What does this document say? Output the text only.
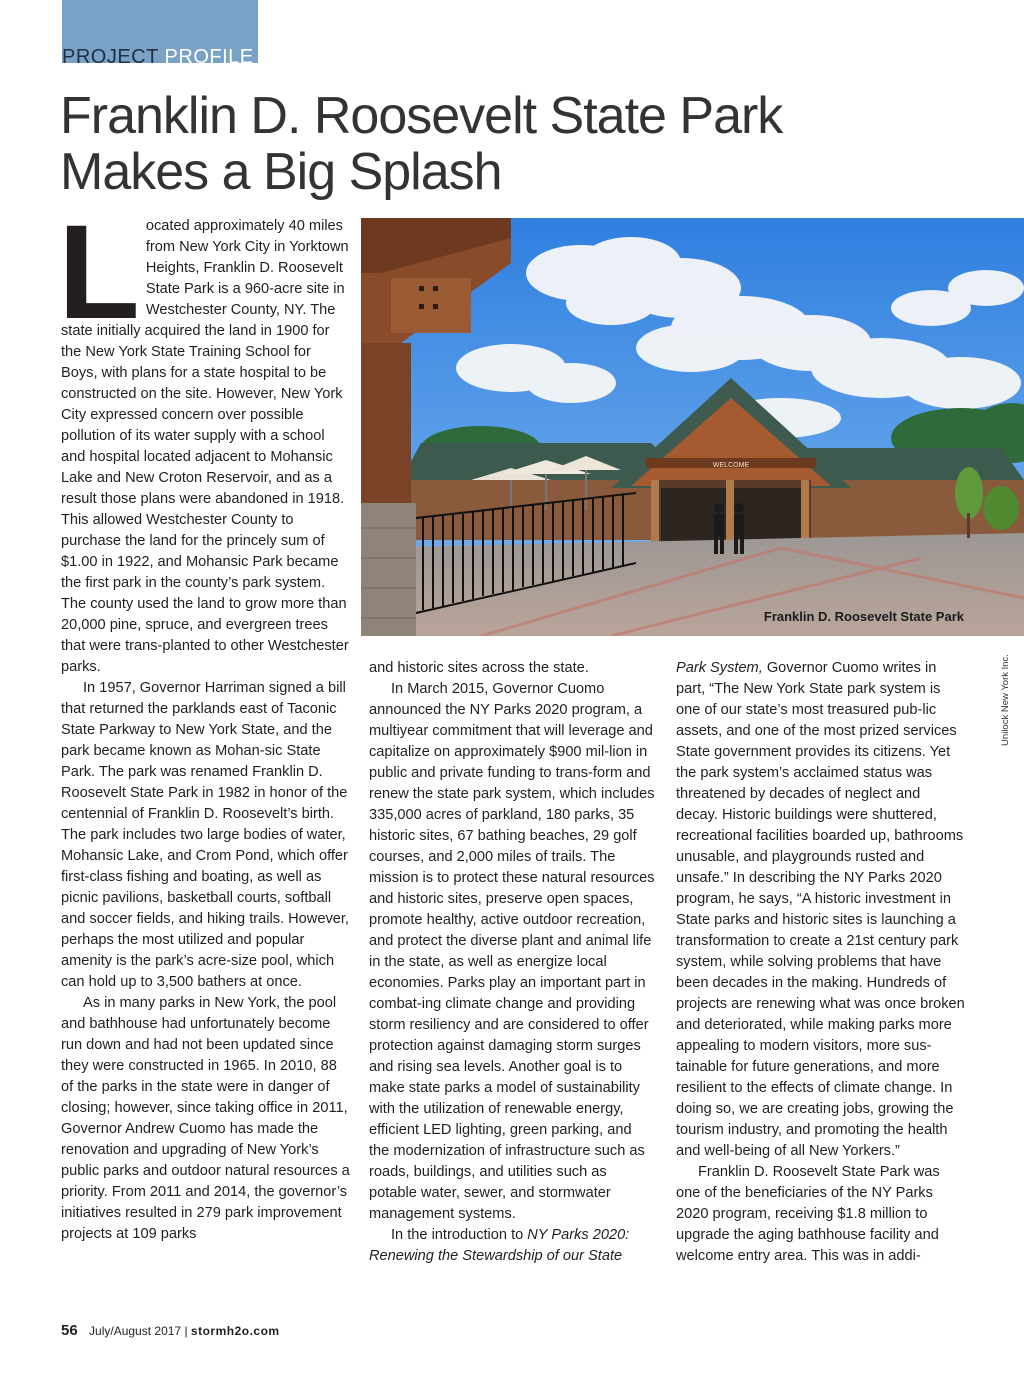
PROJECT PROFILE
Franklin D. Roosevelt State Park
Makes a Big Splash
WELCOME
Franklin D. Roosevelt State Park
Unilock New York Inc.

Located approximately 40 miles from New York City in Yorktown Heights, Franklin D. Roosevelt State Park is a 960-acre site in Westchester County, NY. The state initially acquired the land in 1900 for the New York State Training School for Boys, with plans for a state hospital to be constructed on the site. However, New York City expressed concern over possible pollution of its water supply with a school and hospital located adjacent to Mohansic Lake and New Croton Reservoir, and as a result those plans were abandoned in 1918. This allowed Westchester County to purchase the land for the princely sum of $1.00 in 1922, and Mohansic Park became the first park in the county’s park system. The county used the land to grow more than 20,000 pine, spruce, and evergreen trees that were trans-planted to other Westchester parks.

In 1957, Governor Harriman signed a bill that returned the parklands east of Taconic State Parkway to New York State, and the park became known as Mohan-sic State Park. The park was renamed Franklin D. Roosevelt State Park in 1982 in honor of the centennial of Franklin D. Roosevelt’s birth. The park includes two large bodies of water, Mohansic Lake, and Crom Pond, which offer first-class fishing and boating, as well as picnic pavilions, basketball courts, softball and soccer fields, and hiking trails. However, perhaps the most utilized and popular amenity is the park’s acre-size pool, which can hold up to 3,500 bathers at once.

As in many parks in New York, the pool and bathhouse had unfortunately become run down and had not been updated since they were constructed in 1965. In 2010, 88 of the parks in the state were in danger of closing; however, since taking office in 2011, Governor Andrew Cuomo has made the renovation and upgrading of New York’s public parks and outdoor natural resources a priority. From 2011 and 2014, the governor’s initiatives resulted in 279 park improvement projects at 109 parks

and historic sites across the state.

In March 2015, Governor Cuomo announced the NY Parks 2020 program, a multiyear commitment that will leverage and capitalize on approximately $900 mil-lion in public and private funding to trans-form and renew the state park system, which includes 335,000 acres of parkland, 180 parks, 35 historic sites, 67 bathing beaches, 29 golf courses, and 2,000 miles of trails. The mission is to protect these natural resources and historic sites, preserve open spaces, promote healthy, active outdoor recreation, and protect the diverse plant and animal life in the state, as well as energize local economies. Parks play an important part in combat-ing climate change and providing storm resiliency and are considered to offer protection against damaging storm surges and rising sea levels. Another goal is to make state parks a model of sustainability with the utilization of renewable energy, efficient LED lighting, green parking, and the modernization of infrastructure such as roads, buildings, and utilities such as potable water, sewer, and stormwater management systems.

In the introduction to NY Parks 2020: Renewing the Stewardship of our State

Park System, Governor Cuomo writes in part, “The New York State park system is one of our state’s most treasured pub-lic assets, and one of the most prized services State government provides its citizens. Yet the park system’s acclaimed status was threatened by decades of neglect and decay. Historic buildings were shuttered, recreational facilities boarded up, bathrooms unusable, and playgrounds rusted and unsafe.” In describing the NY Parks 2020 program, he says, “A historic investment in State parks and historic sites is launching a transformation to create a 21st century park system, while solving problems that have been decades in the making. Hundreds of projects are renewing what was once broken and deteriorated, while making parks more appealing to modern visitors, more sus-tainable for future generations, and more resilient to the effects of climate change. In doing so, we are creating jobs, growing the tourism industry, and promoting the health and well-being of all New Yorkers.”

Franklin D. Roosevelt State Park was one of the beneficiaries of the NY Parks 2020 program, receiving $1.8 million to upgrade the aging bathhouse facility and welcome entry area. This was in addi-

56 July/August 2017 | stormh2o.com
